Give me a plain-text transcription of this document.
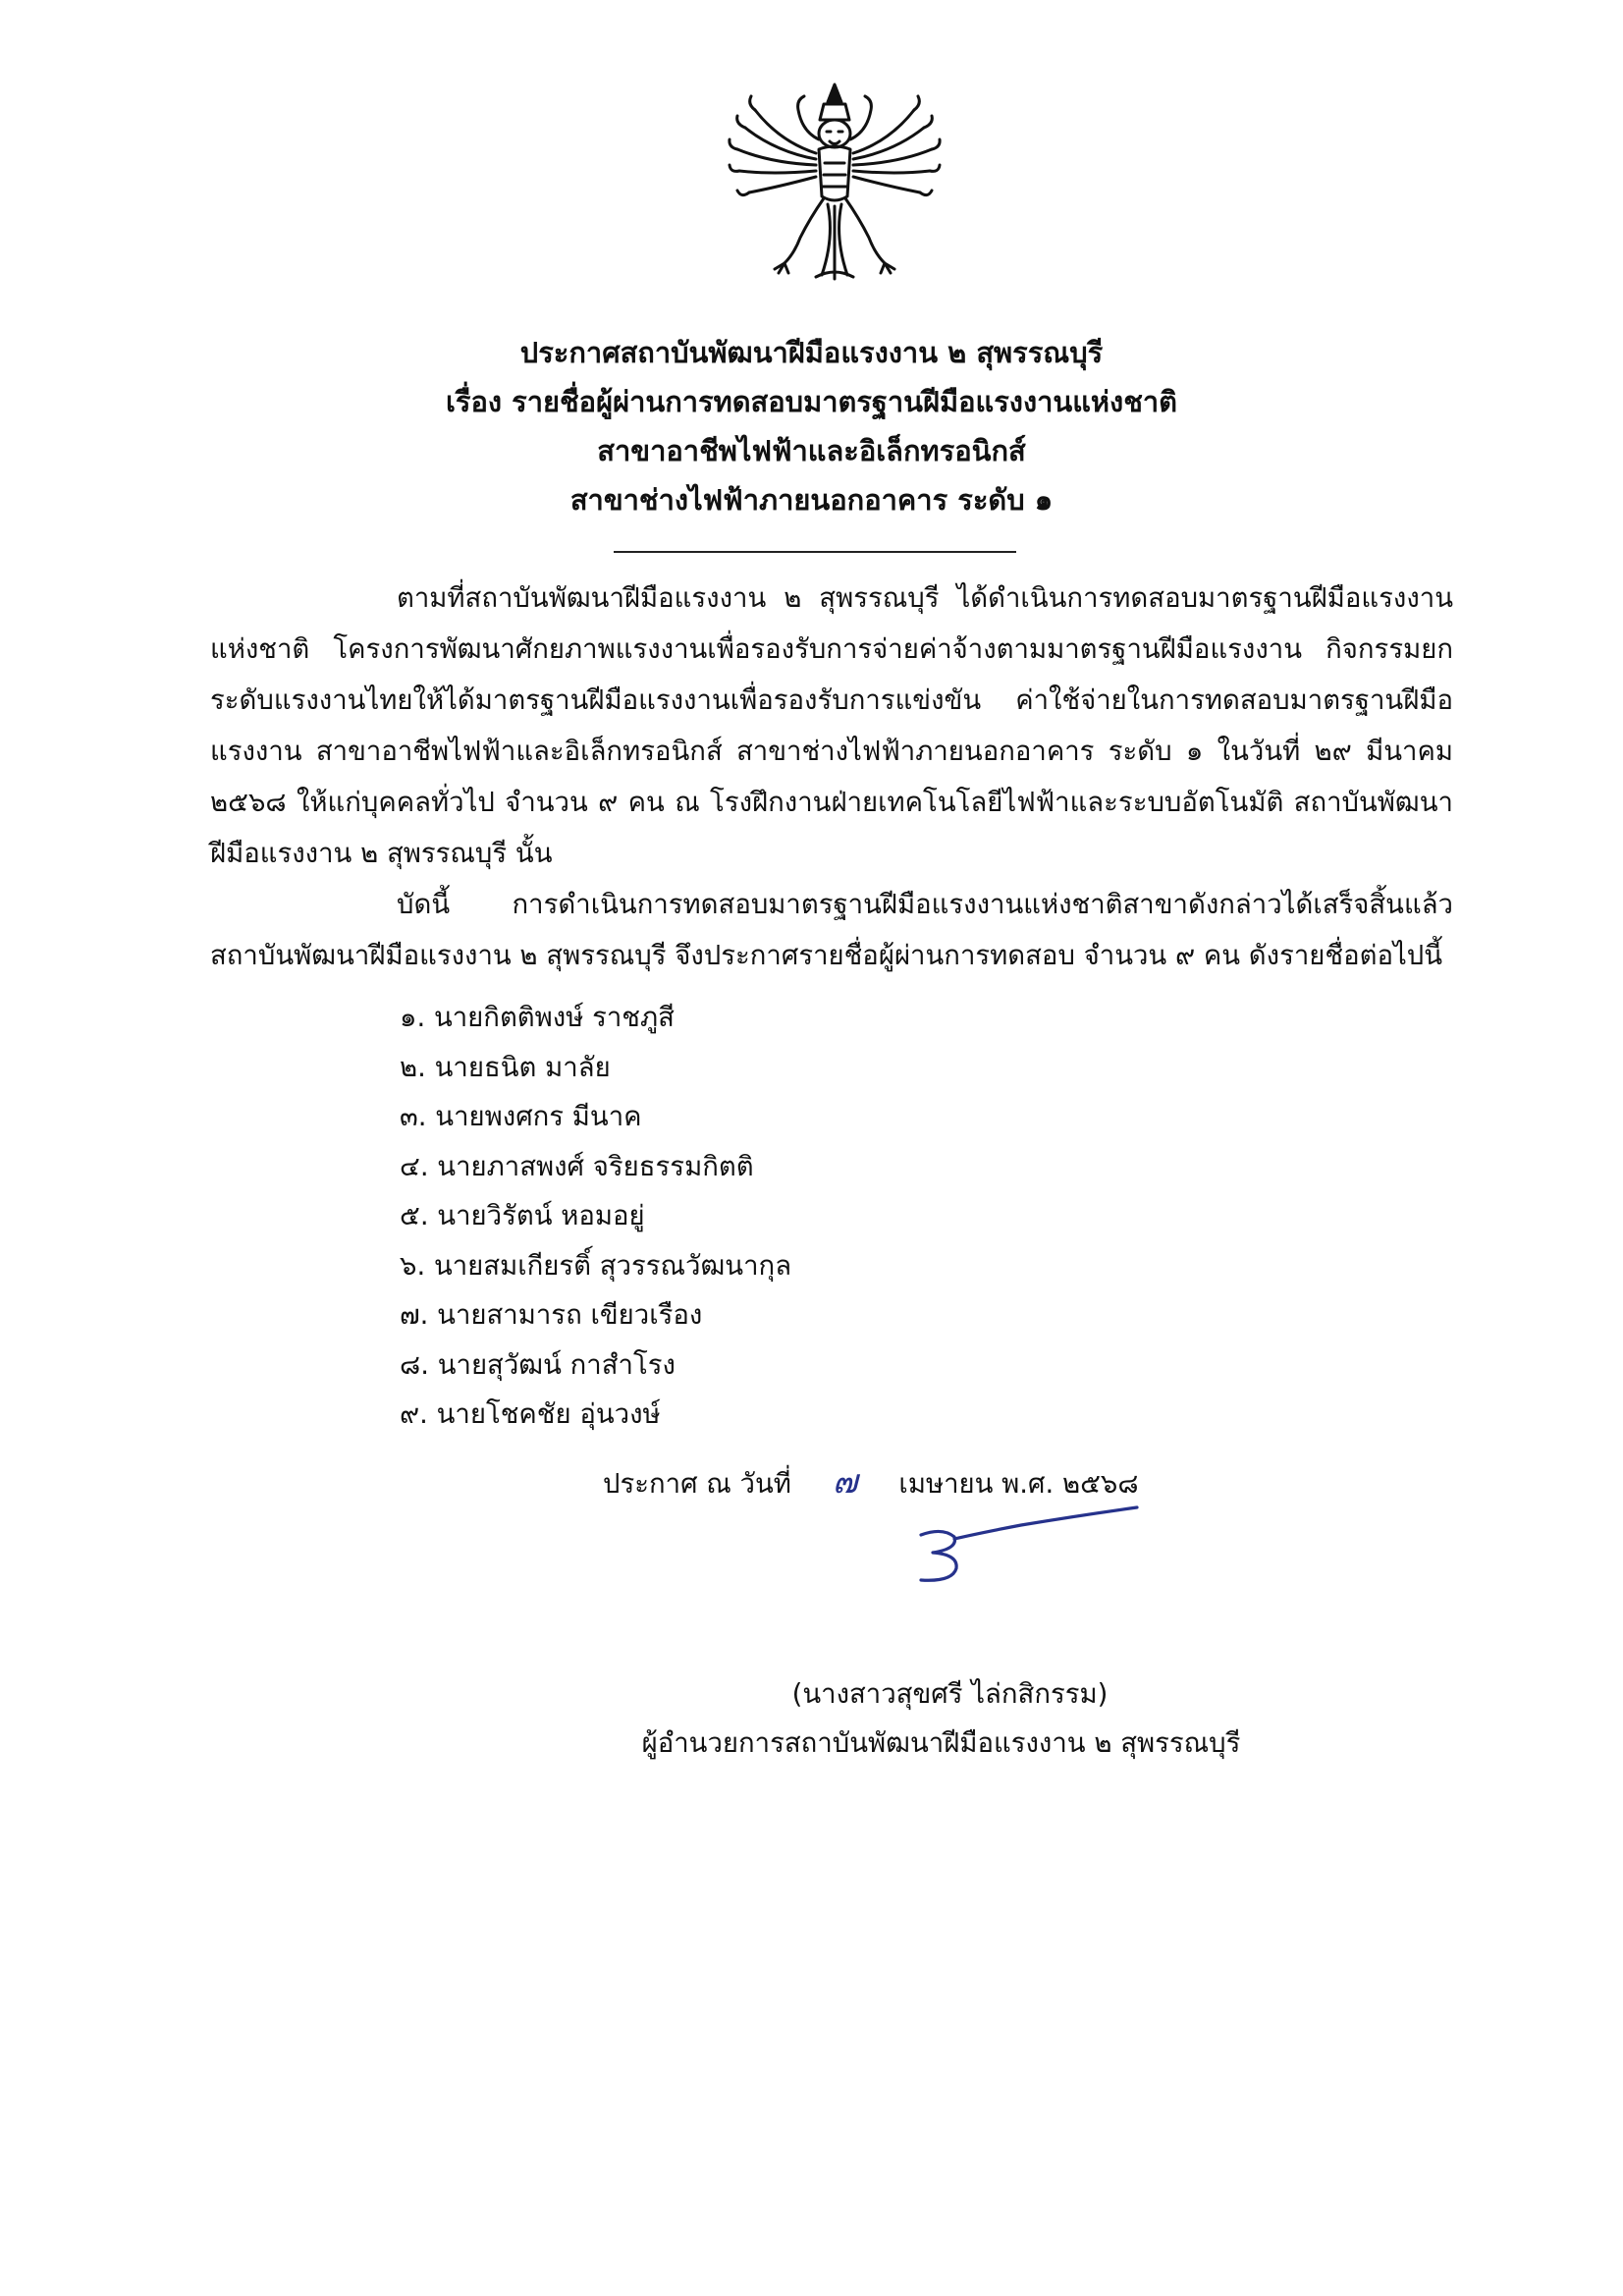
ประกาศสถาบันพัฒนาฝีมือแรงงาน ๒ สุพรรณบุรี
เรื่อง รายชื่อผู้ผ่านการทดสอบมาตรฐานฝีมือแรงงานแห่งชาติ
สาขาอาชีพไฟฟ้าและอิเล็กทรอนิกส์
สาขาช่างไฟฟ้าภายนอกอาคาร ระดับ ๑
ตามที่สถาบันพัฒนาฝีมือแรงงาน ๒ สุพรรณบุรี ได้ดำเนินการทดสอบมาตรฐานฝีมือแรงงานแห่งชาติ โครงการพัฒนาศักยภาพแรงงานเพื่อรองรับการจ่ายค่าจ้างตามมาตรฐานฝีมือแรงงาน กิจกรรมยกระดับแรงงานไทยให้ได้มาตรฐานฝีมือแรงงานเพื่อรองรับการแข่งขัน ค่าใช้จ่ายในการทดสอบมาตรฐานฝีมือแรงงาน สาขาอาชีพไฟฟ้าและอิเล็กทรอนิกส์ สาขาช่างไฟฟ้าภายนอกอาคาร ระดับ ๑ ในวันที่ ๒๙ มีนาคม ๒๕๖๘ ให้แก่บุคคลทั่วไป จำนวน ๙ คน ณ โรงฝึกงานฝ่ายเทคโนโลยีไฟฟ้าและระบบอัตโนมัติ สถาบันพัฒนาฝีมือแรงงาน ๒ สุพรรณบุรี นั้น
บัดนี้ การดำเนินการทดสอบมาตรฐานฝีมือแรงงานแห่งชาติสาขาดังกล่าวได้เสร็จสิ้นแล้ว สถาบันพัฒนาฝีมือแรงงาน ๒ สุพรรณบุรี จึงประกาศรายชื่อผู้ผ่านการทดสอบ จำนวน ๙ คน ดังรายชื่อต่อไปนี้
๑. นายกิตติพงษ์ ราชภูสี
๒. นายธนิต มาลัย
๓. นายพงศกร มีนาค
๔. นายภาสพงศ์ จริยธรรมกิตติ
๕. นายวิรัตน์ หอมอยู่
๖. นายสมเกียรติ์ สุวรรณวัฒนากุล
๗. นายสามารถ เขียวเรือง
๘. นายสุวัฒน์ กาสำโรง
๙. นายโชคชัย อุ่นวงษ์
ประกาศ ณ วันที่ ๗ เมษายน พ.ศ. ๒๕๖๘
(นางสาวสุขศรี ไล่กสิกรรม)
ผู้อำนวยการสถาบันพัฒนาฝีมือแรงงาน ๒ สุพรรณบุรี
